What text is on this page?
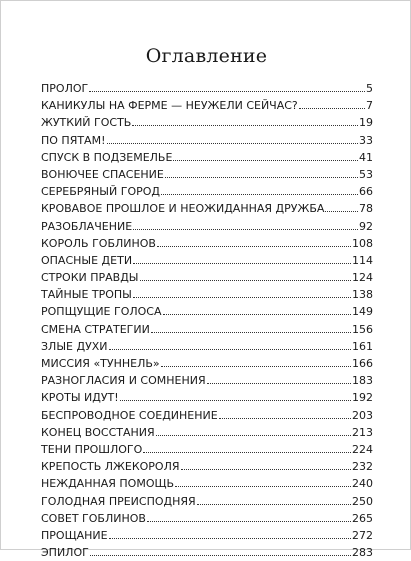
Оглавление
ПРОЛОГ	5
КАНИКУЛЫ НА ФЕРМЕ — НЕУЖЕЛИ СЕЙЧАС?	7
ЖУТКИЙ ГОСТЬ	19
ПО ПЯТАМ!	33
СПУСК В ПОДЗЕМЕЛЬЕ	41
ВОНЮЧЕЕ СПАСЕНИЕ	53
СЕРЕБРЯНЫЙ ГОРОД	66
КРОВАВОЕ ПРОШЛОЕ И НЕОЖИДАННАЯ ДРУЖБА	78
РАЗОБЛАЧЕНИЕ	92
КОРОЛЬ ГОБЛИНОВ	108
ОПАСНЫЕ ДЕТИ	114
СТРОКИ ПРАВДЫ	124
ТАЙНЫЕ ТРОПЫ	138
РОПЩУЩИЕ ГОЛОСА	149
СМЕНА СТРАТЕГИИ	156
ЗЛЫЕ ДУХИ	161
МИССИЯ «ТУННЕЛЬ»	166
РАЗНОГЛАСИЯ И СОМНЕНИЯ	183
КРОТЫ ИДУТ!	192
БЕСПРОВОДНОЕ СОЕДИНЕНИЕ	203
КОНЕЦ ВОССТАНИЯ	213
ТЕНИ ПРОШЛОГО	224
КРЕПОСТЬ ЛЖЕКОРОЛЯ	232
НЕЖДАННАЯ ПОМОЩЬ	240
ГОЛОДНАЯ ПРЕИСПОДНЯЯ	250
СОВЕТ ГОБЛИНОВ	265
ПРОЩАНИЕ	272
ЭПИЛОГ	283
